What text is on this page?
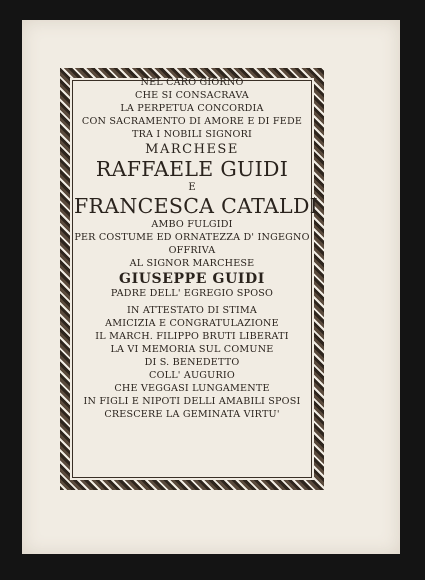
NEL CARO GIORNO
CHE SI CONSACRAVA
LA PERPETUA CONCORDIA
CON SACRAMENTO DI AMORE E DI FEDE
TRA I NOBILI SIGNORI
MARCHESE
RAFFAELE GUIDI
E
FRANCESCA CATALDI
AMBO FULGIDI
PER COSTUME ED ORNATEZZA D' INGEGNO
OFFRIVA
AL SIGNOR MARCHESE
GIUSEPPE GUIDI
PADRE DELL' EGREGIO SPOSO
IN ATTESTATO DI STIMA
AMICIZIA E CONGRATULAZIONE
IL MARCH. FILIPPO BRUTI LIBERATI
LA VI MEMORIA SUL COMUNE
DI S. BENEDETTO
COLL' AUGURIO
CHE VEGGASI LUNGAMENTE
IN FIGLI E NIPOTI DELLI AMABILI SPOSI
CRESCERE LA GEMINATA VIRTU'
